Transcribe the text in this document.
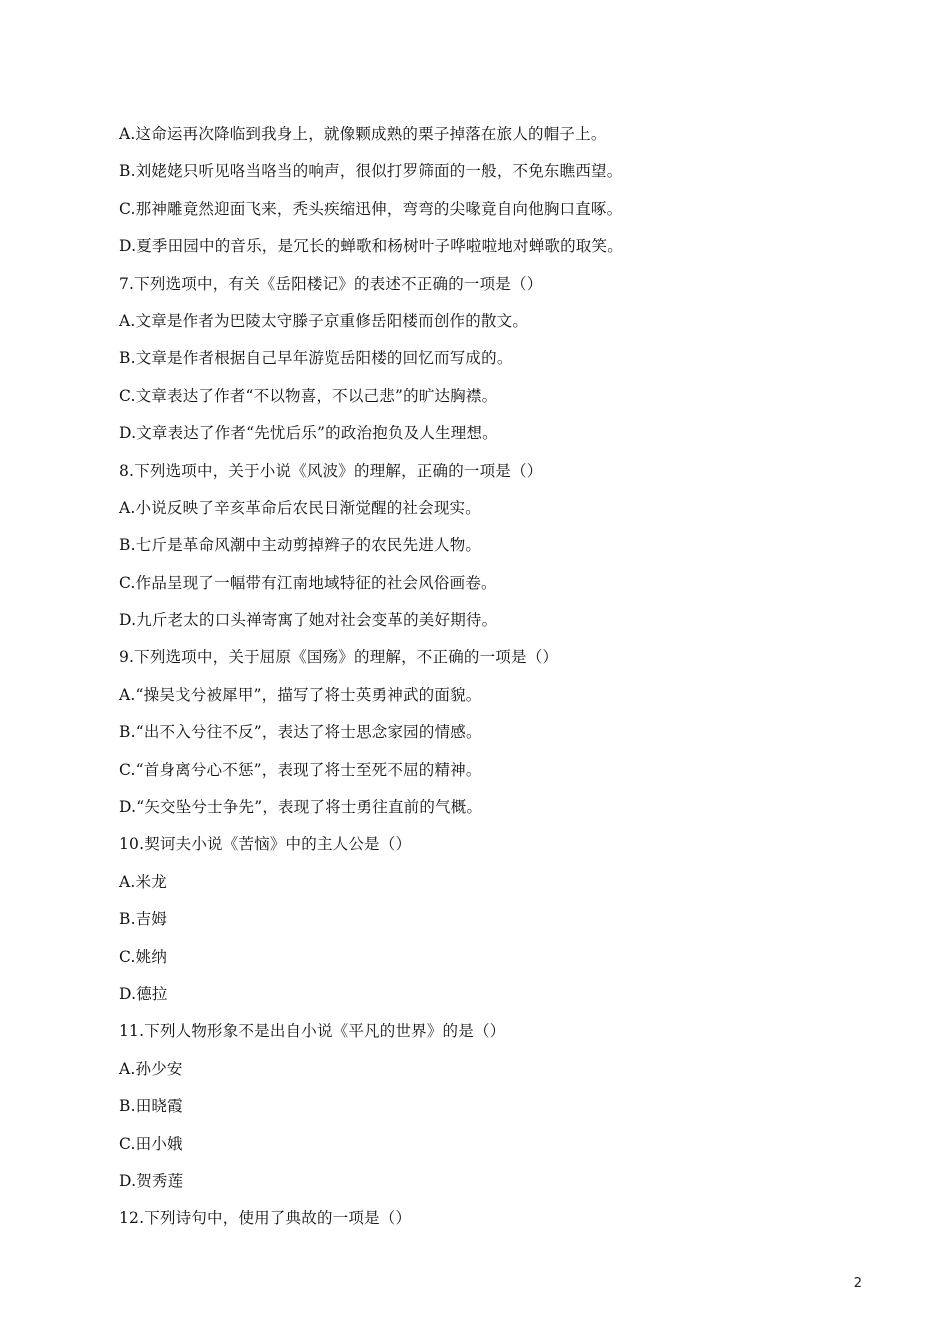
A.这命运再次降临到我身上，就像颗成熟的栗子掉落在旅人的帽子上。
B.刘姥姥只听见咯当咯当的响声，很似打罗筛面的一般，不免东瞧西望。
C.那神雕竟然迎面飞来，秃头疾缩迅伸，弯弯的尖喙竟自向他胸口直啄。
D.夏季田园中的音乐，是冗长的蝉歌和杨树叶子哗啦啦地对蝉歌的取笑。
7.下列选项中，有关《岳阳楼记》的表述不正确的一项是（）
A.文章是作者为巴陵太守滕子京重修岳阳楼而创作的散文。
B.文章是作者根据自己早年游览岳阳楼的回忆而写成的。
C.文章表达了作者“不以物喜，不以己悲”的旷达胸襟。
D.文章表达了作者“先忧后乐”的政治抱负及人生理想。
8.下列选项中，关于小说《风波》的理解，正确的一项是（）
A.小说反映了辛亥革命后农民日渐觉醒的社会现实。
B.七斤是革命风潮中主动剪掉辫子的农民先进人物。
C.作品呈现了一幅带有江南地域特征的社会风俗画卷。
D.九斤老太的口头禅寄寓了她对社会变革的美好期待。
9.下列选项中，关于屈原《国殇》的理解，不正确的一项是（）
A.“操吴戈兮被犀甲”，描写了将士英勇神武的面貌。
B.“出不入兮往不反”，表达了将士思念家园的情感。
C.“首身离兮心不惩”，表现了将士至死不屈的精神。
D.“矢交坠兮士争先”，表现了将士勇往直前的气概。
10.契诃夫小说《苦恼》中的主人公是（）
A.米龙
B.吉姆
C.姚纳
D.德拉
11.下列人物形象不是出自小说《平凡的世界》的是（）
A.孙少安
B.田晓霞
C.田小娥
D.贺秀莲
12.下列诗句中，使用了典故的一项是（）
2
